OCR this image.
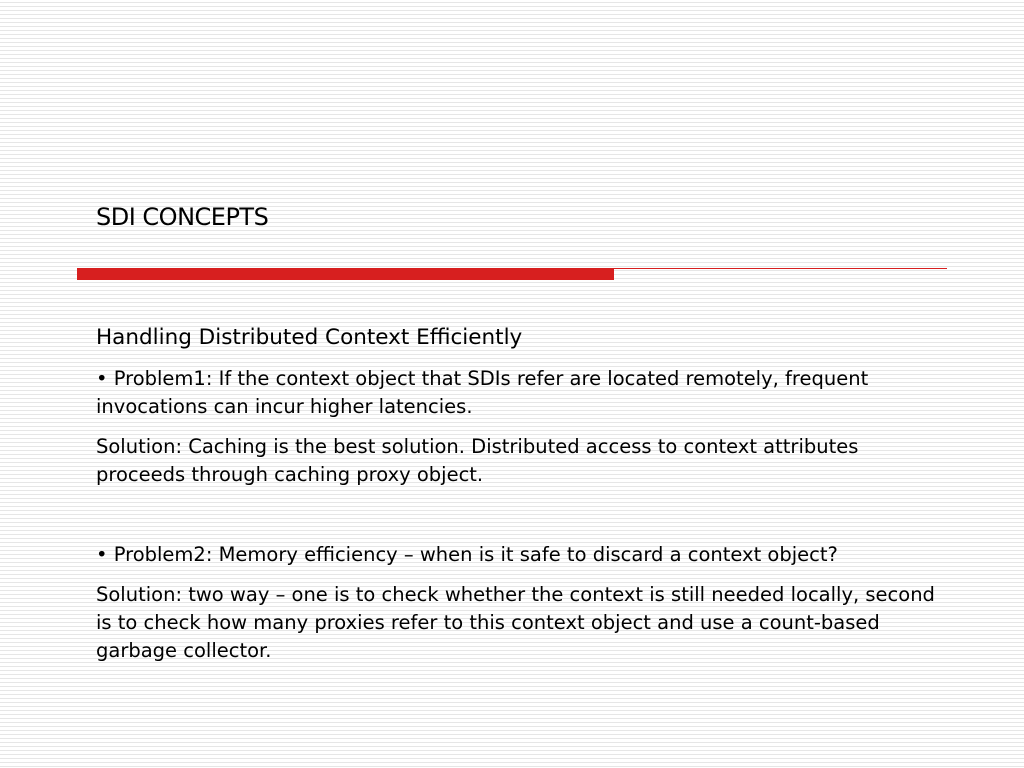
SDI CONCEPTS

Handling Distributed Context Efficiently

• Problem1: If the context object that SDIs refer are located remotely, frequent invocations can incur higher latencies.

Solution: Caching is the best solution. Distributed access to context attributes proceeds through caching proxy object.

• Problem2: Memory efficiency – when is it safe to discard a context object?

Solution: two way – one is to check whether the context is still needed locally, second is to check how many proxies refer to this context object and use a count-based garbage collector.
